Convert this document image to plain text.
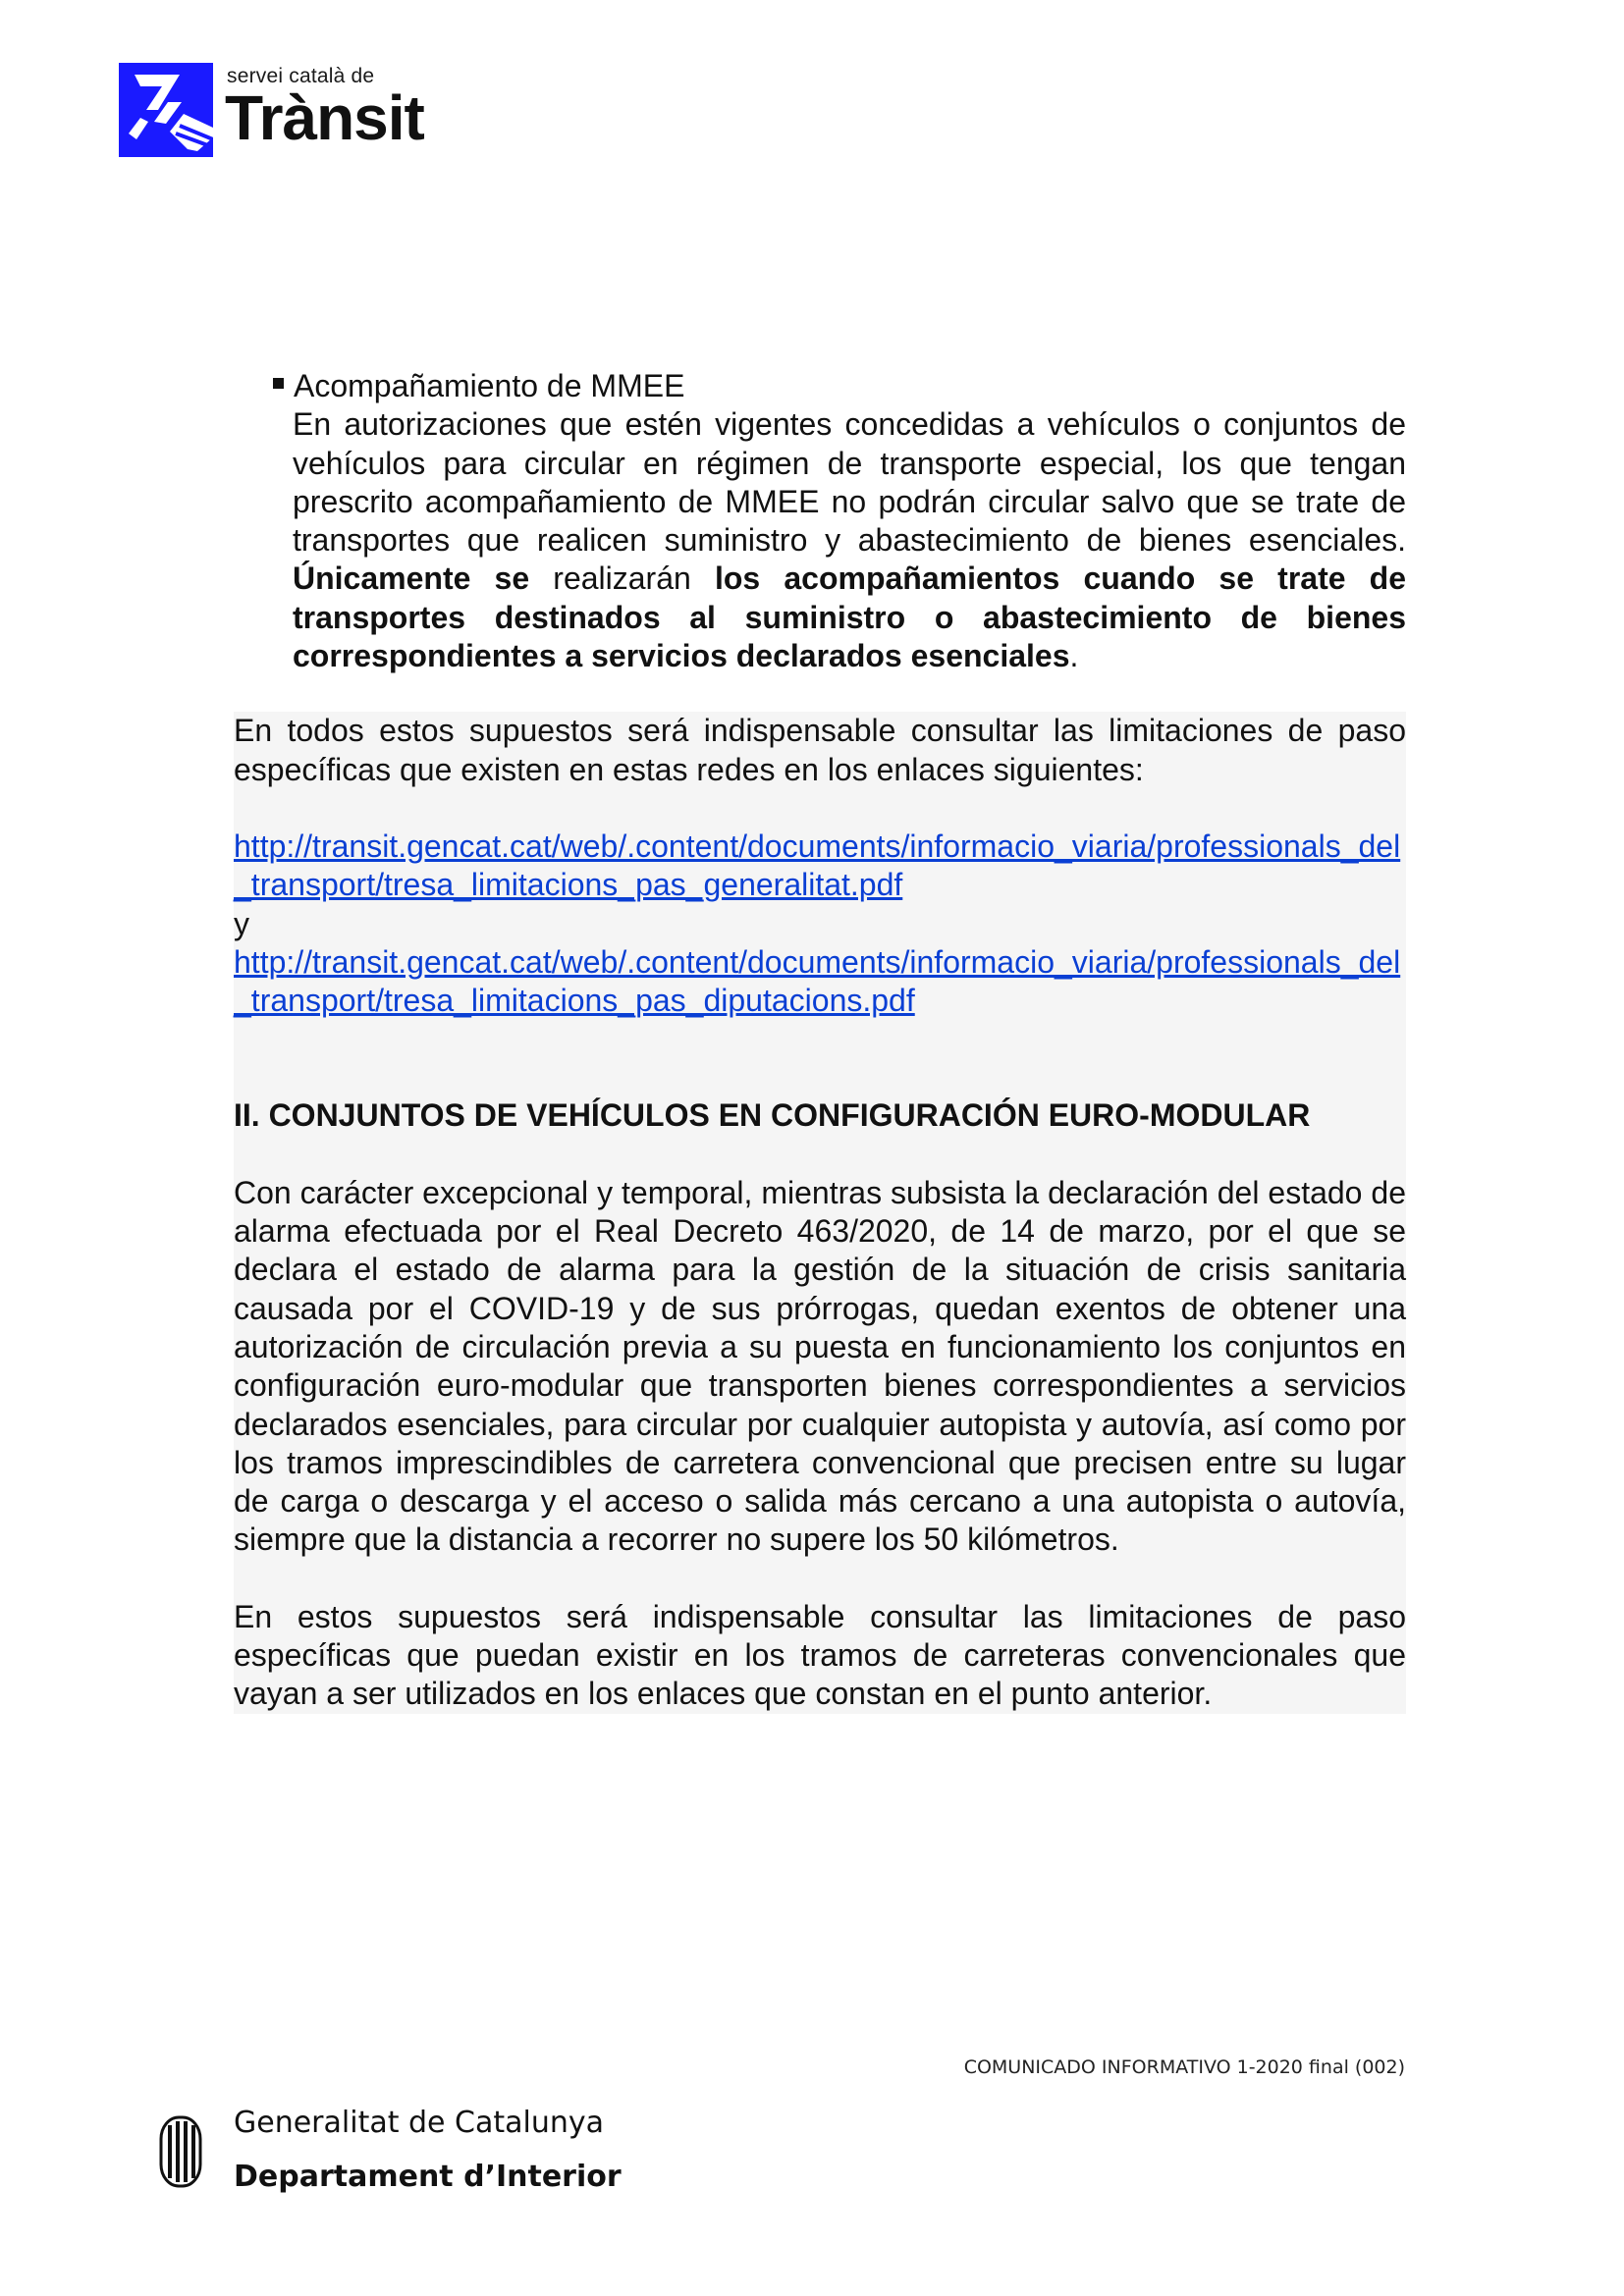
servei català de
Trànsit
Acompañamiento de MMEE

En autorizaciones que estén vigentes concedidas a vehículos o conjuntos de vehículos para circular en régimen de transporte especial, los que tengan prescrito acompañamiento de MMEE no podrán circular salvo que se trate de transportes que realicen suministro y abastecimiento de bienes esenciales. Únicamente se realizarán los acompañamientos cuando se trate de transportes destinados al suministro o abastecimiento de bienes correspondientes a servicios declarados esenciales.

En todos estos supuestos será indispensable consultar las limitaciones de paso específicas que existen en estas redes en los enlaces siguientes:

http://transit.gencat.cat/web/.content/documents/informacio_viaria/professionals_del_transport/tresa_limitacions_pas_generalitat.pdf
y
http://transit.gencat.cat/web/.content/documents/informacio_viaria/professionals_del_transport/tresa_limitacions_pas_diputacions.pdf

II. CONJUNTOS DE VEHÍCULOS EN CONFIGURACIÓN EURO-MODULAR

Con carácter excepcional y temporal, mientras subsista la declaración del estado de alarma efectuada por el Real Decreto 463/2020, de 14 de marzo, por el que se declara el estado de alarma para la gestión de la situación de crisis sanitaria causada por el COVID-19 y de sus prórrogas, quedan exentos de obtener una autorización de circulación previa a su puesta en funcionamiento los conjuntos en configuración euro-modular que transporten bienes correspondientes a servicios declarados esenciales, para circular por cualquier autopista y autovía, así como por los tramos imprescindibles de carretera convencional que precisen entre su lugar de carga o descarga y el acceso o salida más cercano a una autopista o autovía, siempre que la distancia a recorrer no supere los 50 kilómetros.

En estos supuestos será indispensable consultar las limitaciones de paso específicas que puedan existir en los tramos de carreteras convencionales que vayan a ser utilizados en los enlaces que constan en el punto anterior.

COMUNICADO INFORMATIVO 1-2020 final (002)
Generalitat de Catalunya
Departament d’Interior
